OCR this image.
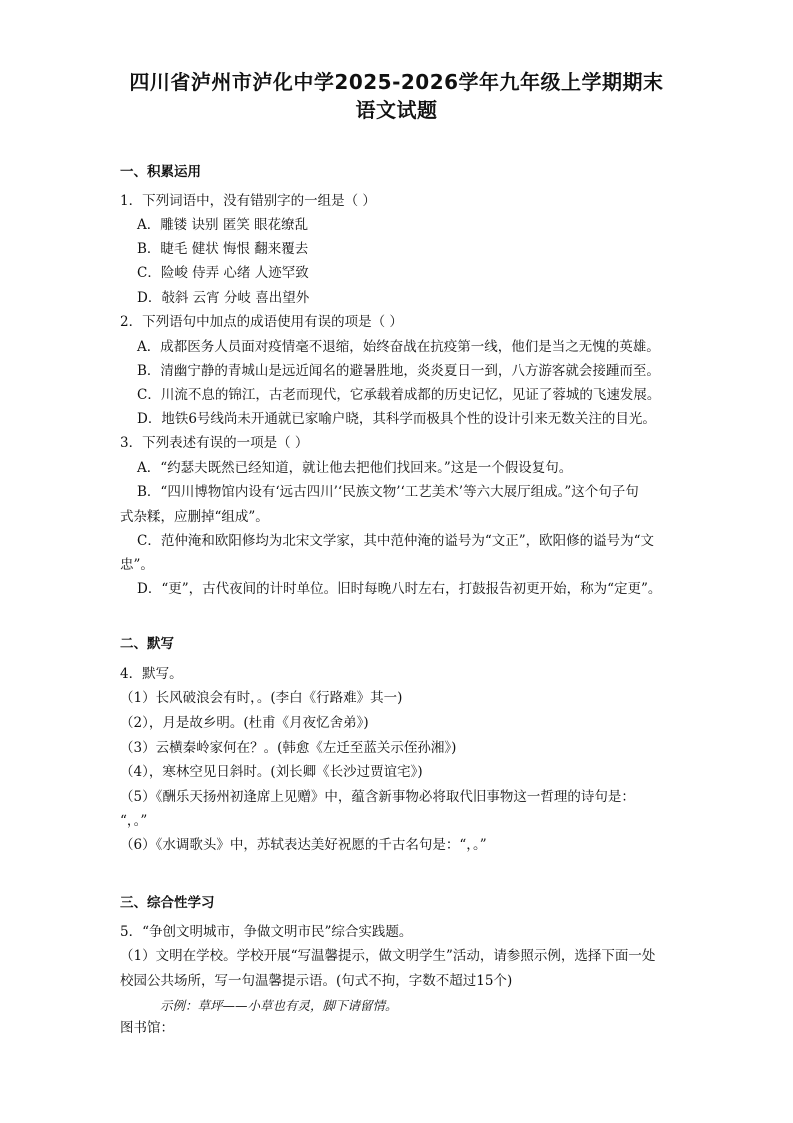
四川省泸州市泸化中学2025-2026学年九年级上学期期末
语文试题
一、积累运用
1．下列词语中，没有错别字的一组是（ ）
A．雕镂 诀别 匿笑 眼花缭乱
B．睫毛 健状 悔恨 翻来覆去
C．险峻 侍弄 心绪 人迹罕致
D．敧斜 云宵 分岐 喜出望外
2．下列语句中加点的成语使用有误的项是（ ）
A．成都医务人员面对疫情毫不退缩，始终奋战在抗疫第一线，他们是当之无愧的英雄。
B．清幽宁静的青城山是远近闻名的避暑胜地，炎炎夏日一到，八方游客就会接踵而至。
C．川流不息的锦江，古老而现代，它承载着成都的历史记忆，见证了蓉城的飞速发展。
D．地铁6号线尚未开通就已家喻户晓，其科学而极具个性的设计引来无数关注的目光。
3．下列表述有误的一项是（ ）
A．“约瑟夫既然已经知道，就让他去把他们找回来。”这是一个假设复句。
B．“四川博物馆内设有‘远古四川’‘民族文物’‘工艺美术’等六大展厅组成。”这个句子句
式杂糅，应删掉“组成”。
C．范仲淹和欧阳修均为北宋文学家，其中范仲淹的谥号为“文正”，欧阳修的谥号为“文
忠”。
D．“更”，古代夜间的计时单位。旧时每晚八时左右，打鼓报告初更开始，称为“定更”。
二、默写
4．默写。
（1）长风破浪会有时，。(李白《行路难》其一)
（2），月是故乡明。(杜甫《月夜忆舍弟》)
（3）云横秦岭家何在？。(韩愈《左迁至蓝关示侄孙湘》)
（4），寒林空见日斜时。(刘长卿《长沙过贾谊宅》)
（5）《酬乐天扬州初逢席上见赠》中，蕴含新事物必将取代旧事物这一哲理的诗句是：
“，。”
（6）《水调歌头》中，苏轼表达美好祝愿的千古名句是：“，。”
三、综合性学习
5．“争创文明城市，争做文明市民”综合实践题。
（1）文明在学校。学校开展“写温馨提示，做文明学生”活动，请参照示例，选择下面一处
校园公共场所，写一句温馨提示语。(句式不拘，字数不超过15个)
示例：草坪——小草也有灵，脚下请留情。
图书馆：
